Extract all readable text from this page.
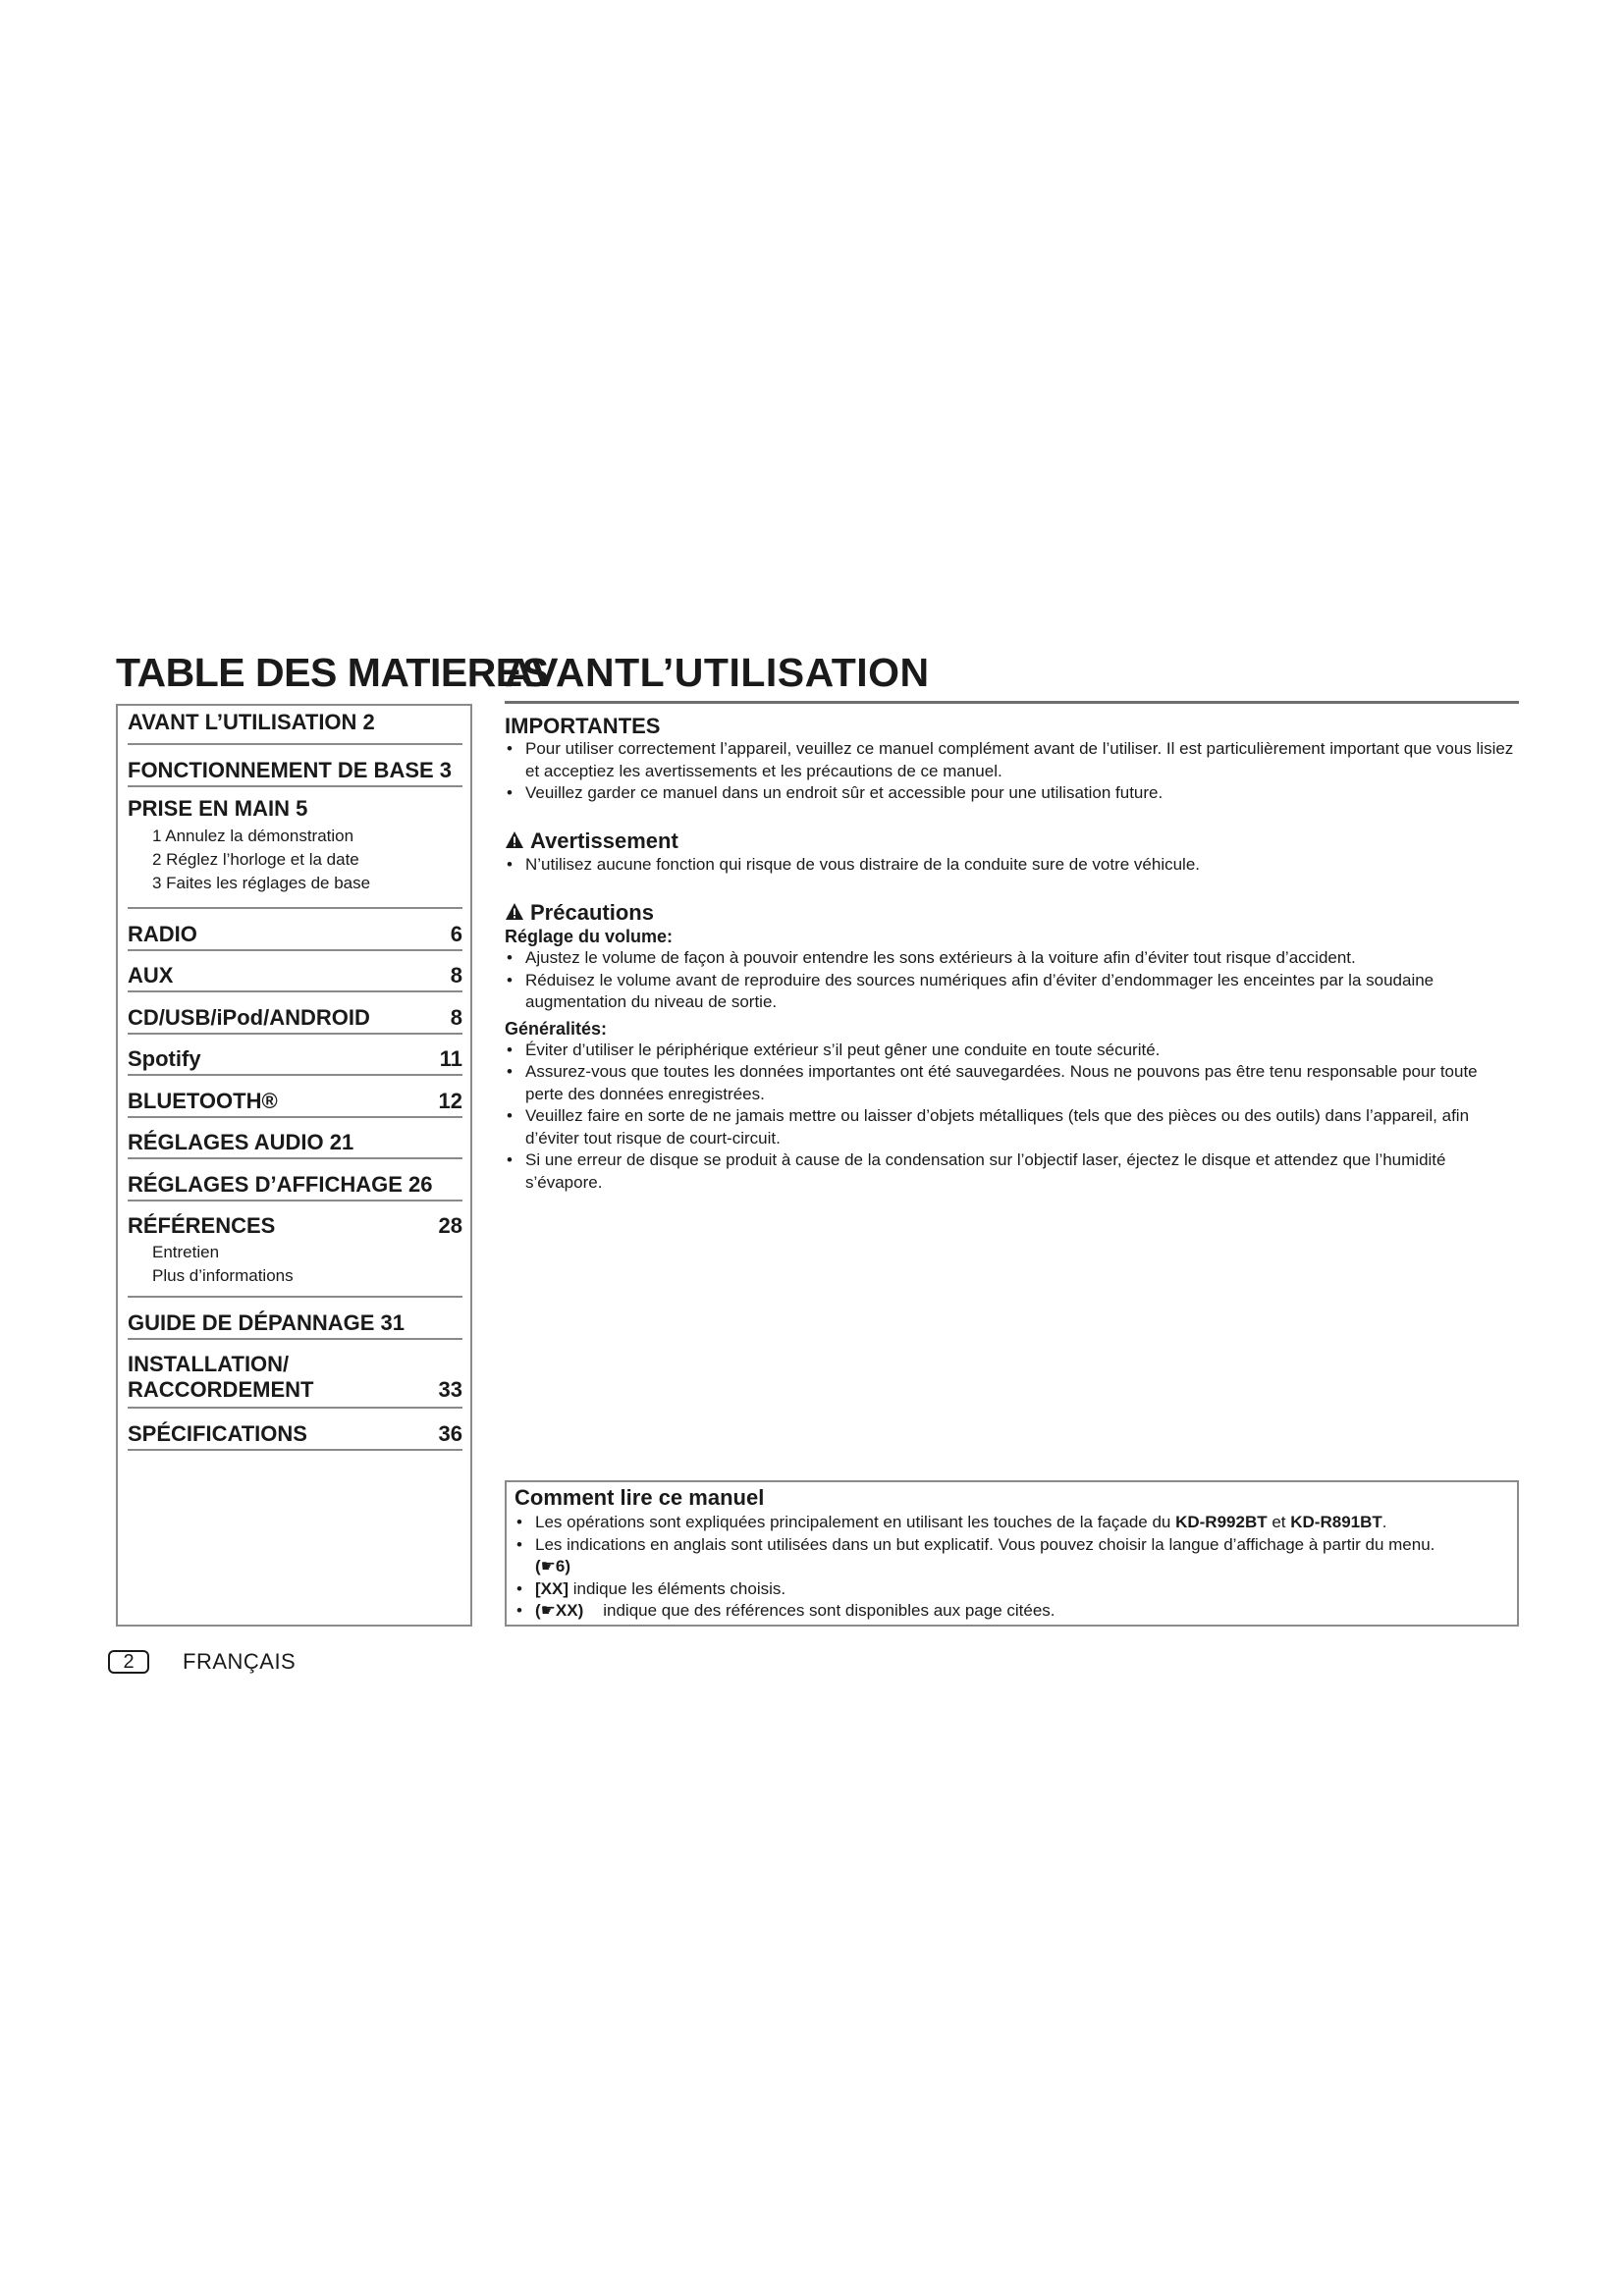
TABLE DES MATIERES
AVANTL’UTILISATION
AVANT L’UTILISATION 2
FONCTIONNEMENT DE BASE 3
PRISE EN MAIN 5
1 Annulez la démonstration
2 Réglez l’horloge et la date
3 Faites les réglages de base
RADIO	6
AUX	8
CD/USB/iPod/ANDROID	8
Spotify	11
BLUETOOTH®	12
RÉGLAGES AUDIO 21
RÉGLAGES D’AFFICHAGE 26
RÉFÉRENCES	28
Entretien
Plus d’informations
GUIDE DE DÉPANNAGE 31
INSTALLATION/
RACCORDEMENT	33
SPÉCIFICATIONS	36
IMPORTANTES
• Pour utiliser correctement l’appareil, veuillez ce manuel complément avant de l’utiliser. Il est particulièrement important que vous lisiez et acceptiez les avertissements et les précautions de ce manuel.
• Veuillez garder ce manuel dans un endroit sûr et accessible pour une utilisation future.
Avertissement
• N’utilisez aucune fonction qui risque de vous distraire de la conduite sure de votre véhicule.
Précautions
Réglage du volume:
• Ajustez le volume de façon à pouvoir entendre les sons extérieurs à la voiture afin d’éviter tout risque d’accident.
• Réduisez le volume avant de reproduire des sources numériques afin d’éviter d’endommager les enceintes par la soudaine augmentation du niveau de sortie.
Généralités:
• Éviter d’utiliser le périphérique extérieur s’il peut gêner une conduite en toute sécurité.
• Assurez-vous que toutes les données importantes ont été sauvegardées. Nous ne pouvons pas être tenu responsable pour toute perte des données enregistrées.
• Veuillez faire en sorte de ne jamais mettre ou laisser d’objets métalliques (tels que des pièces ou des outils) dans l’appareil, afin d’éviter tout risque de court-circuit.
• Si une erreur de disque se produit à cause de la condensation sur l’objectif laser, éjectez le disque et attendez que l’humidité s’évapore.
Comment lire ce manuel
• Les opérations sont expliquées principalement en utilisant les touches de la façade du KD-R992BT et KD-R891BT.
• Les indications en anglais sont utilisées dans un but explicatif. Vous pouvez choisir la langue d’affichage à partir du menu.
(☛6)
• [XX] indique les éléments choisis.
• (☛XX) indique que des références sont disponibles aux page citées.
2	FRANÇAIS
